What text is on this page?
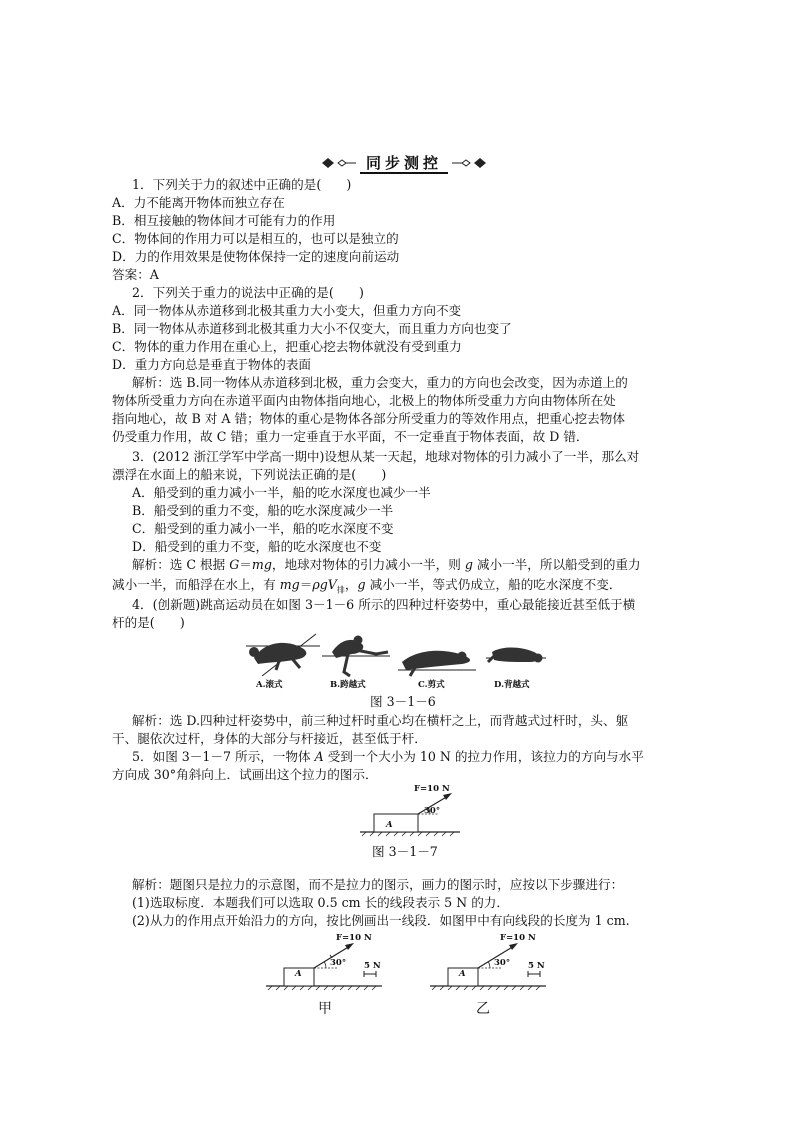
同步测控
1．下列关于力的叙述中正确的是(　　)
A．力不能离开物体而独立存在
B．相互接触的物体间才可能有力的作用
C．物体间的作用力可以是相互的，也可以是独立的
D．力的作用效果是使物体保持一定的速度向前运动
答案：A
2．下列关于重力的说法中正确的是(　　)
A．同一物体从赤道移到北极其重力大小变大，但重力方向不变
B．同一物体从赤道移到北极其重力大小不仅变大，而且重力方向也变了
C．物体的重力作用在重心上，把重心挖去物体就没有受到重力
D．重力方向总是垂直于物体的表面
解析：选 B.同一物体从赤道移到北极，重力会变大，重力的方向也会改变，因为赤道上的
物体所受重力方向在赤道平面内由物体指向地心，北极上的物体所受重力方向由物体所在处
指向地心，故 B 对 A 错；物体的重心是物体各部分所受重力的等效作用点，把重心挖去物体
仍受重力作用，故 C 错；重力一定垂直于水平面，不一定垂直于物体表面，故 D 错．
3．(2012 浙江学军中学高一期中)设想从某一天起，地球对物体的引力减小了一半，那么对
漂浮在水面上的船来说，下列说法正确的是(　　)
A．船受到的重力减小一半，船的吃水深度也减少一半
B．船受到的重力不变，船的吃水深度减少一半
C．船受到的重力减小一半，船的吃水深度不变
D．船受到的重力不变，船的吃水深度也不变
解析：选 C 根据 G＝mg，地球对物体的引力减小一半，则 g 减小一半，所以船受到的重力
减小一半，而船浮在水上，有 mg＝ρgV$_排$，g 减小一半，等式仍成立，船的吃水深度不变．
4．(创新题)跳高运动员在如图 3－1－6 所示的四种过杆姿势中，重心最能接近甚至低于横
杆的是(　　)
A.滚式	B.跨越式	C.剪式	D.背越式
图 3－1－6
解析：选 D.四种过杆姿势中，前三种过杆时重心均在横杆之上，而背越式过杆时，头、躯
干、腿依次过杆，身体的大部分与杆接近，甚至低于杆．
5．如图 3－1－7 所示，一物体 A 受到一个大小为 10 N 的拉力作用，该拉力的方向与水平
方向成 30°角斜向上．试画出这个拉力的图示．
F=10 N
30°
A
图 3－1－7
解析：题图只是拉力的示意图，而不是拉力的图示，画力的图示时，应按以下步骤进行：
(1)选取标度．本题我们可以选取 0.5 cm 长的线段表示 5 N 的力．
(2)从力的作用点开始沿力的方向，按比例画出一线段．如图甲中有向线段的长度为 1 cm.
F=10 N
30°
A
5 N
甲
F=10 N
30°
A
5 N
乙
